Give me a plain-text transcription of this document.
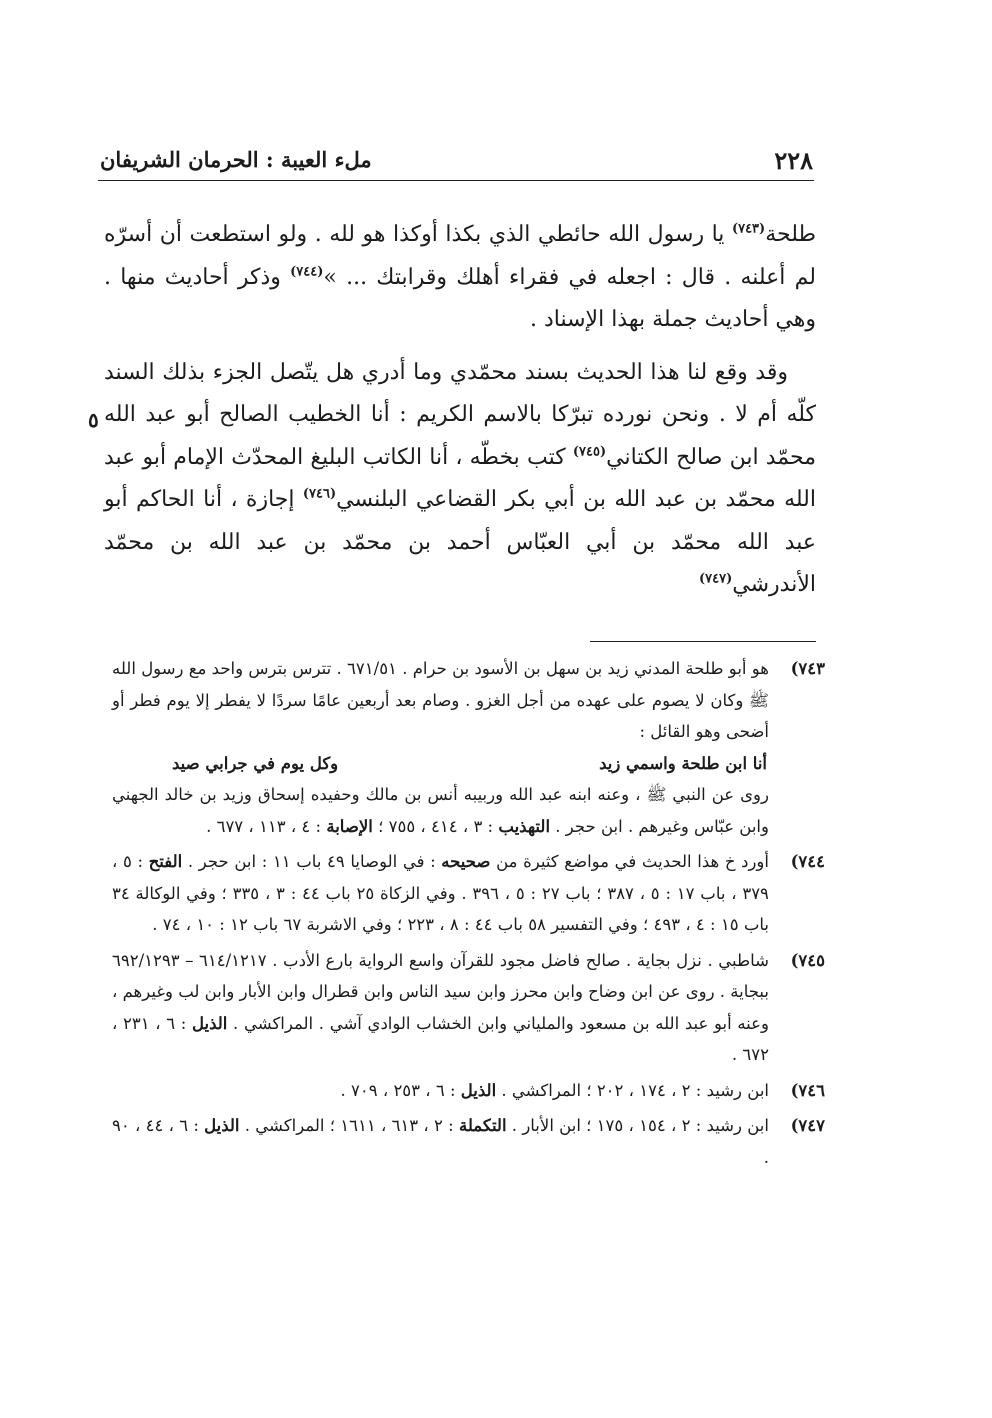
٢٢٨
ملء العيبة : الحرمان الشريفان

طلحة$^{(٧٤٣)}$ يا رسول الله حائطي الذي بكذا أوكذا هو لله . ولو استطعت أن أسرّه لم أعلنه . قال : اجعله في فقراء أهلك وقرابتك ... »$^{(٧٤٤)}$ وذكر أحاديث منها . وهي أحاديث جملة بهذا الإسناد .

وقد وقع لنا هذا الحديث بسند محمّدي وما أدري هل يتّصل الجزء بذلك السند كلّه أم لا . ونحن نورده تبرّكا بالاسم الكريم : أنا الخطيب الصالح أبو عبد الله محمّد ابن صالح الكتاني$^{(٧٤٥)}$ كتب بخطّه ، أنا الكاتب البليغ المحدّث الإمام أبو عبد الله محمّد بن عبد الله بن أبي بكر القضاعي البلنسي$^{(٧٤٦)}$ إجازة ، أنا الحاكم أبو عبد الله محمّد بن أبي العبّاس أحمد بن محمّد بن عبد الله بن محمّد الأندرشي$^{(٧٤٧)}$

٥
٧٤٣)
هو أبو طلحة المدني زيد بن سهل بن الأسود بن حرام . ٦٧١/٥١ . تترس بترس واحد مع رسول الله ﷺ وكان لا يصوم على عهده من أجل الغزو . وصام بعد أربعين عامًا سردًا لا يفطر إلا يوم فطر أو أضحى وهو القائل :
أنا ابن طلحة واسمي زيد
وكل يوم في جرابي صيد
روى عن النبي ﷺ ، وعنه ابنه عبد الله وربيبه أنس بن مالك وحفيده إسحاق وزيد بن خالد الجهني وابن عبّاس وغيرهم . ابن حجر . التهذيب : ٣ ، ٤١٤ ، ٧٥٥ ؛ الإصابة : ٤ ، ١١٣ ، ٦٧٧ .
٧٤٤)
أورد خ هذا الحديث في مواضع كثيرة من صحيحه : في الوصايا ٤٩ باب ١١ : ابن حجر . الفتح : ٥ ، ٣٧٩ ، باب ١٧ : ٥ ، ٣٨٧ ؛ باب ٢٧ : ٥ ، ٣٩٦ . وفي الزكاة ٢٥ باب ٤٤ : ٣ ، ٣٣٥ ؛ وفي الوكالة ٣٤ باب ١٥ : ٤ ، ٤٩٣ ؛ وفي التفسير ٥٨ باب ٤٤ : ٨ ، ٢٢٣ ؛ وفي الاشربة ٦٧ باب ١٢ : ١٠ ، ٧٤ .
٧٤٥)
شاطبي . نزل بجاية . صالح فاضل مجود للقرآن واسع الرواية بارع الأدب . ٦١٤/١٢١٧ – ٦٩٢/١٢٩٣ ببجاية . روى عن ابن وضاح وابن محرز وابن سيد الناس وابن قطرال وابن الأبار وابن لب وغيرهم ، وعنه أبو عبد الله بن مسعود والملياني وابن الخشاب الوادي آشي . المراكشي . الذيل : ٦ ، ٢٣١ ، ٦٧٢ .
٧٤٦)
ابن رشيد : ٢ ، ١٧٤ ، ٢٠٢ ؛ المراكشي . الذيل : ٦ ، ٢٥٣ ، ٧٠٩ .
٧٤٧)
ابن رشيد : ٢ ، ١٥٤ ، ١٧٥ ؛ ابن الأبار . التكملة : ٢ ، ٦١٣ ، ١٦١١ ؛ المراكشي . الذيل : ٦ ، ٤٤ ، ٩٠ .
